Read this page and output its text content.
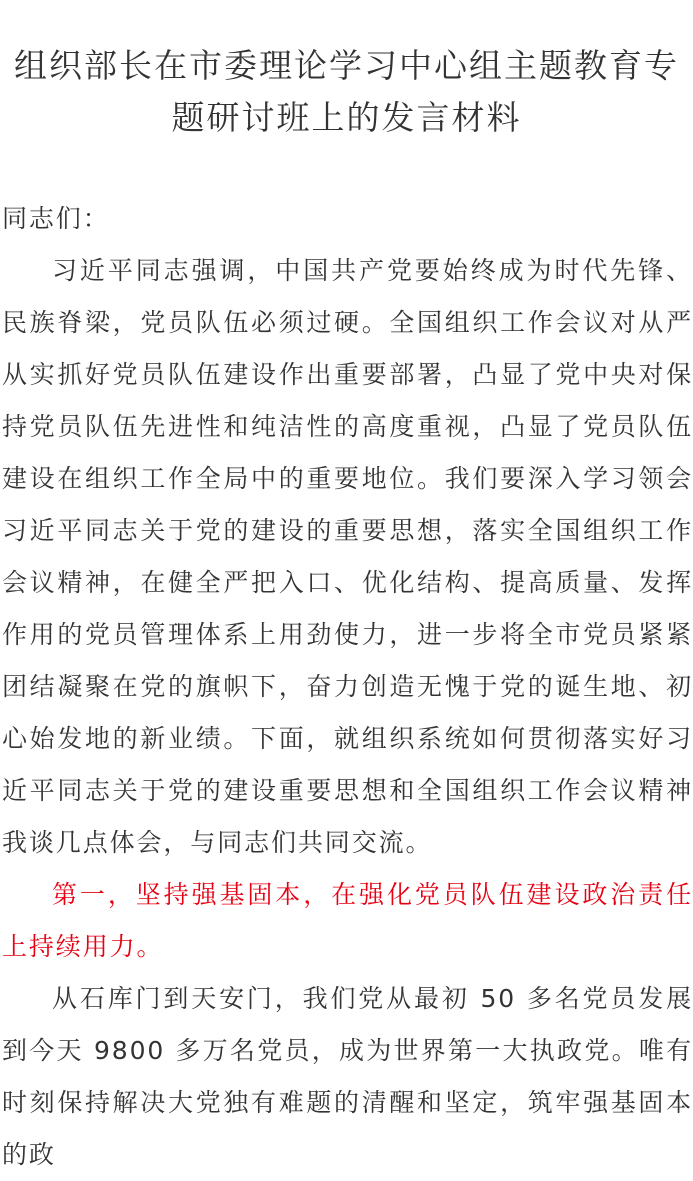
组织部长在市委理论学习中心组主题教育专题研讨班上的发言材料

同志们：

习近平同志强调，中国共产党要始终成为时代先锋、民族脊梁，党员队伍必须过硬。全国组织工作会议对从严从实抓好党员队伍建设作出重要部署，凸显了党中央对保持党员队伍先进性和纯洁性的高度重视，凸显了党员队伍建设在组织工作全局中的重要地位。我们要深入学习领会习近平同志关于党的建设的重要思想，落实全国组织工作会议精神，在健全严把入口、优化结构、提高质量、发挥作用的党员管理体系上用劲使力，进一步将全市党员紧紧团结凝聚在党的旗帜下，奋力创造无愧于党的诞生地、初心始发地的新业绩。下面，就组织系统如何贯彻落实好习近平同志关于党的建设重要思想和全国组织工作会议精神我谈几点体会，与同志们共同交流。

第一，坚持强基固本，在强化党员队伍建设政治责任上持续用力。

从石库门到天安门，我们党从最初 50 多名党员发展到今天 9800 多万名党员，成为世界第一大执政党。唯有时刻保持解决大党独有难题的清醒和坚定，筑牢强基固本的政
